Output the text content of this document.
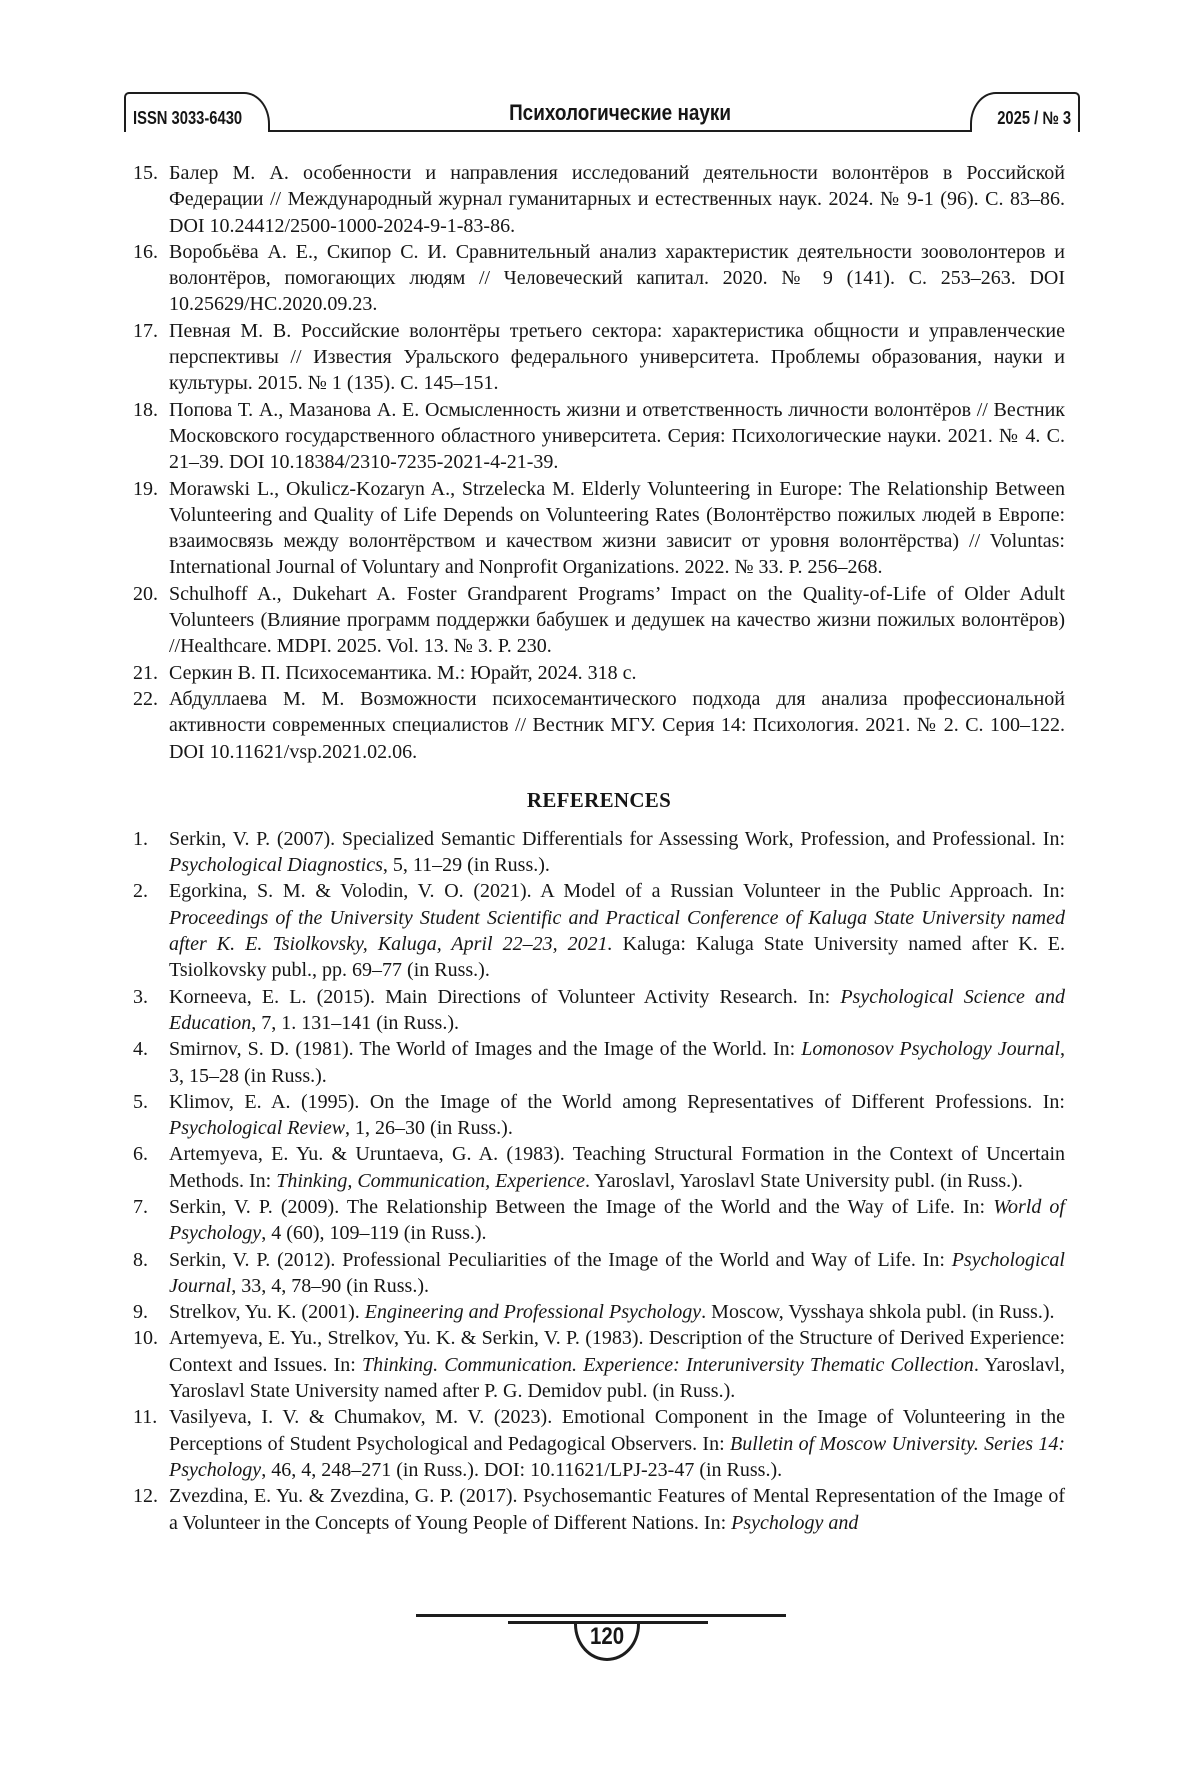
ISSN 3033-6430	Психологические науки	2025 / № 3
15. Балер М. А. особенности и направления исследований деятельности волонтёров в Российской Федерации // Международный журнал гуманитарных и естественных наук. 2024. № 9-1 (96). С. 83–86. DOI 10.24412/2500-1000-2024-9-1-83-86.
16. Воробьёва А. Е., Скипор С. И. Сравнительный анализ характеристик деятельности зооволонтеров и волонтёров, помогающих людям // Человеческий капитал. 2020. № 9 (141). С. 253–263. DOI 10.25629/HC.2020.09.23.
17. Певная М. В. Российские волонтёры третьего сектора: характеристика общности и управленческие перспективы // Известия Уральского федерального университета. Проблемы образования, науки и культуры. 2015. № 1 (135). С. 145–151.
18. Попова Т. А., Мазанова А. Е. Осмысленность жизни и ответственность личности волонтёров // Вестник Московского государственного областного университета. Серия: Психологические науки. 2021. № 4. С. 21–39. DOI 10.18384/2310-7235-2021-4-21-39.
19. Morawski L., Okulicz-Kozaryn A., Strzelecka M. Elderly Volunteering in Europe: The Relationship Between Volunteering and Quality of Life Depends on Volunteering Rates (Волонтёрство пожилых людей в Европе: взаимосвязь между волонтёрством и качеством жизни зависит от уровня волонтёрства) // Voluntas: International Journal of Voluntary and Nonprofit Organizations. 2022. № 33. P. 256–268.
20. Schulhoff A., Dukehart A. Foster Grandparent Programs’ Impact on the Quality-of-Life of Older Adult Volunteers (Влияние программ поддержки бабушек и дедушек на качество жизни пожилых волонтёров) //Healthcare. MDPI. 2025. Vol. 13. № 3. P. 230.
21. Серкин В. П. Психосемантика. М.: Юрайт, 2024. 318 с.
22. Абдуллаева М. М. Возможности психосемантического подхода для анализа профессиональной активности современных специалистов // Вестник МГУ. Серия 14: Психология. 2021. № 2. С. 100–122. DOI 10.11621/vsp.2021.02.06.
REFERENCES
1. Serkin, V. P. (2007). Specialized Semantic Differentials for Assessing Work, Profession, and Professional. In: Psychological Diagnostics, 5, 11–29 (in Russ.).
2. Egorkina, S. M. & Volodin, V. O. (2021). A Model of a Russian Volunteer in the Public Approach. In: Proceedings of the University Student Scientific and Practical Conference of Kaluga State University named after K. E. Tsiolkovsky, Kaluga, April 22–23, 2021. Kaluga: Kaluga State University named after K. E. Tsiolkovsky publ., pp. 69–77 (in Russ.).
3. Korneeva, E. L. (2015). Main Directions of Volunteer Activity Research. In: Psychological Science and Education, 7, 1. 131–141 (in Russ.).
4. Smirnov, S. D. (1981). The World of Images and the Image of the World. In: Lomonosov Psychology Journal, 3, 15–28 (in Russ.).
5. Klimov, E. A. (1995). On the Image of the World among Representatives of Different Professions. In: Psychological Review, 1, 26–30 (in Russ.).
6. Artemyeva, E. Yu. & Uruntaeva, G. A. (1983). Teaching Structural Formation in the Context of Uncertain Methods. In: Thinking, Communication, Experience. Yaroslavl, Yaroslavl State University publ. (in Russ.).
7. Serkin, V. P. (2009). The Relationship Between the Image of the World and the Way of Life. In: World of Psychology, 4 (60), 109–119 (in Russ.).
8. Serkin, V. P. (2012). Professional Peculiarities of the Image of the World and Way of Life. In: Psychological Journal, 33, 4, 78–90 (in Russ.).
9. Strelkov, Yu. K. (2001). Engineering and Professional Psychology. Moscow, Vysshaya shkola publ. (in Russ.).
10. Artemyeva, E. Yu., Strelkov, Yu. K. & Serkin, V. P. (1983). Description of the Structure of Derived Experience: Context and Issues. In: Thinking. Communication. Experience: Interuniversity Thematic Collection. Yaroslavl, Yaroslavl State University named after P. G. Demidov publ. (in Russ.).
11. Vasilyeva, I. V. & Chumakov, M. V. (2023). Emotional Component in the Image of Volunteering in the Perceptions of Student Psychological and Pedagogical Observers. In: Bulletin of Moscow University. Series 14: Psychology, 46, 4, 248–271 (in Russ.). DOI: 10.11621/LPJ-23-47 (in Russ.).
12. Zvezdina, E. Yu. & Zvezdina, G. P. (2017). Psychosemantic Features of Mental Representation of the Image of a Volunteer in the Concepts of Young People of Different Nations. In: Psychology and
120
